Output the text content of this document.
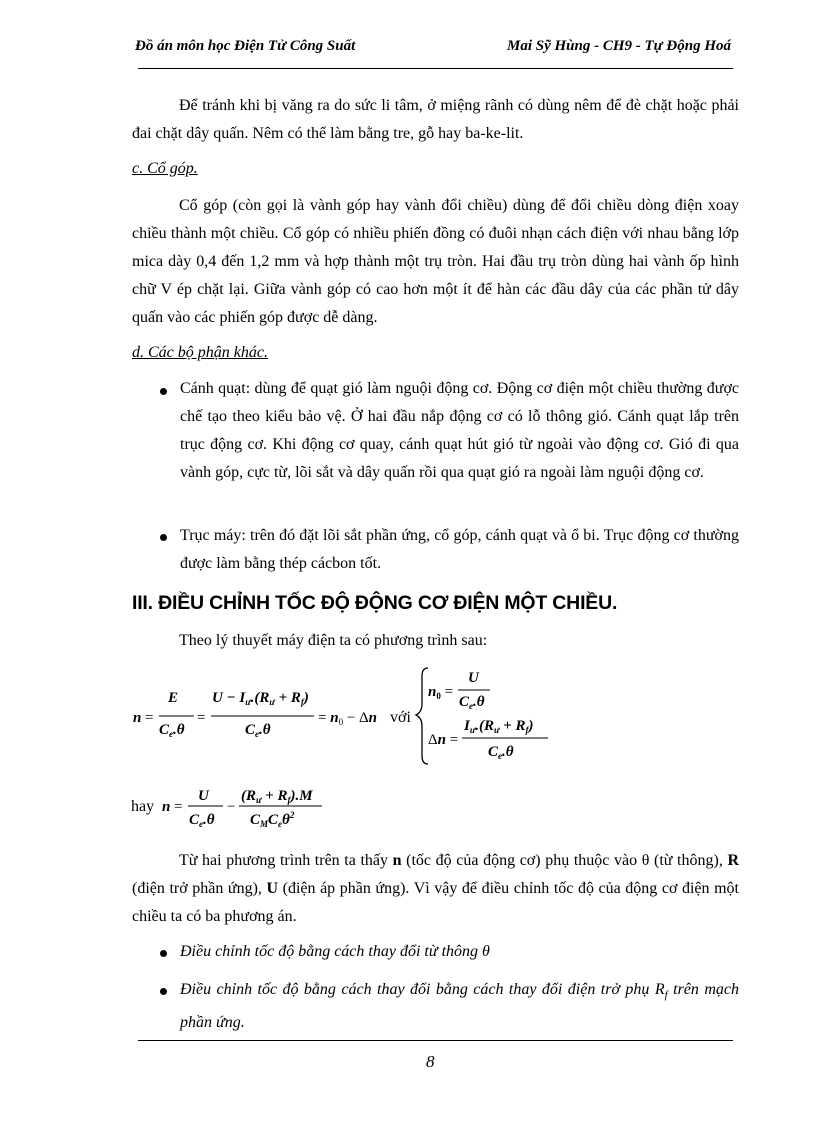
Đồ án môn học Điện Tử Công Suất	Mai Sỹ Hùng - CH9 - Tự Động Hoá
Để tránh khi bị văng ra do sức li tâm, ở miệng rãnh có dùng nêm để đè chặt hoặc phải đai chặt dây quấn. Nêm có thể làm bằng tre, gỗ hay ba-ke-lit.
c. Cổ góp.
Cổ góp (còn gọi là vành góp hay vành đổi chiều) dùng để đổi chiều dòng điện xoay chiều thành một chiều. Cổ góp có nhiều phiến đồng có đuôi nhạn cách điện với nhau bằng lớp mica dày 0,4 đến 1,2 mm và hợp thành một trụ tròn. Hai đầu trụ tròn dùng hai vành ốp hình chữ V ép chặt lại. Giữa vành góp có cao hơn một ít để hàn các đầu dây của các phần tử dây quấn vào các phiến góp được dễ dàng.
d. Các bộ phận khác.
Cánh quạt: dùng để quạt gió làm nguội động cơ. Động cơ điện một chiều thường được chế tạo theo kiểu bảo vệ. Ở hai đầu nắp động cơ có lỗ thông gió. Cánh quạt lắp trên trục động cơ. Khi động cơ quay, cánh quạt hút gió từ ngoài vào động cơ. Gió đi qua vành góp, cực từ, lõi sắt và dây quấn rồi qua quạt gió ra ngoài làm nguội động cơ.
Trục máy: trên đó đặt lõi sắt phần ứng, cổ góp, cánh quạt và ổ bi. Trục động cơ thường được làm bằng thép cácbon tốt.
III. ĐIỀU CHỈNH TỐC ĐỘ ĐỘNG CƠ ĐIỆN MỘT CHIỀU.
Theo lý thuyết máy điện ta có phương trình sau:
n =
E
$C_e.\theta$
=
$U - I_ư.(R_ư + R_f)$
$C_e.\theta$
= $n_0 - \Delta n$ với
$n_0$ =
U
$C_e.\theta$
Δn =
$I_ư.(R_ư + R_f)$
$C_e.\theta$
hay n =
U
$C_e.\theta$
−
$(R_ư + R_f).M$
$C_MC_e\theta^2$
Từ hai phương trình trên ta thấy n (tốc độ của động cơ) phụ thuộc vào θ (từ thông), R (điện trở phần ứng), U (điện áp phần ứng). Vì vậy để điều chỉnh tốc độ của động cơ điện một chiều ta có ba phương án.
Điều chỉnh tốc độ bằng cách thay đổi từ thông θ
Điều chỉnh tốc độ bằng cách thay đổi bằng cách thay đổi điện trở phụ $R_f$ trên mạch phần ứng.
8
